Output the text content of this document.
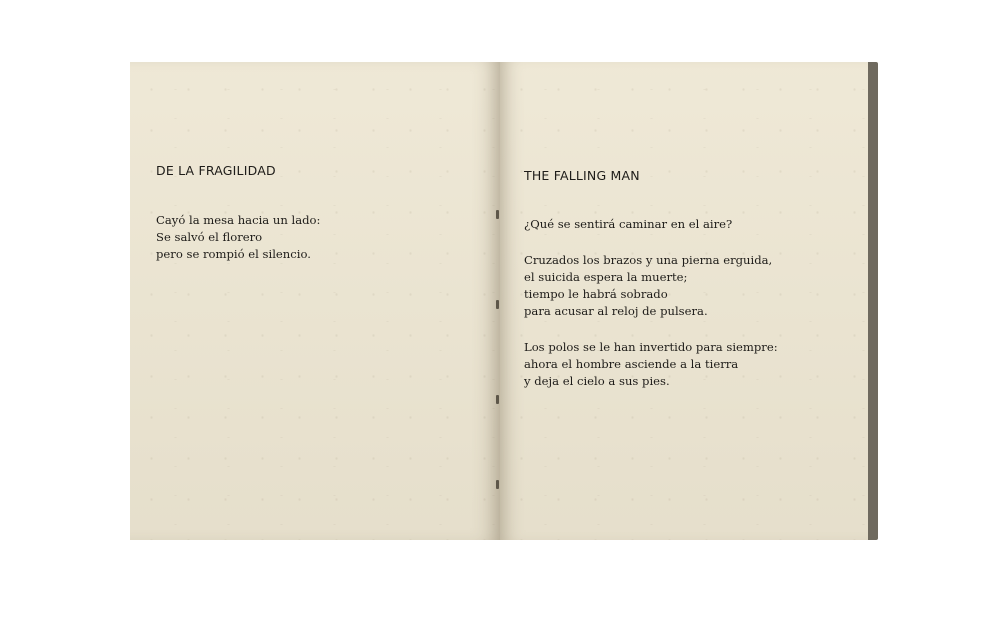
DE LA FRAGILIDAD
Cayó la mesa hacia un lado:
Se salvó el florero
pero se rompió el silencio.
THE FALLING MAN
¿Qué se sentirá caminar en el aire?
Cruzados los brazos y una pierna erguida,
el suicida espera la muerte;
tiempo le habrá sobrado
para acusar al reloj de pulsera.
Los polos se le han invertido para siempre:
ahora el hombre asciende a la tierra
y deja el cielo a sus pies.
